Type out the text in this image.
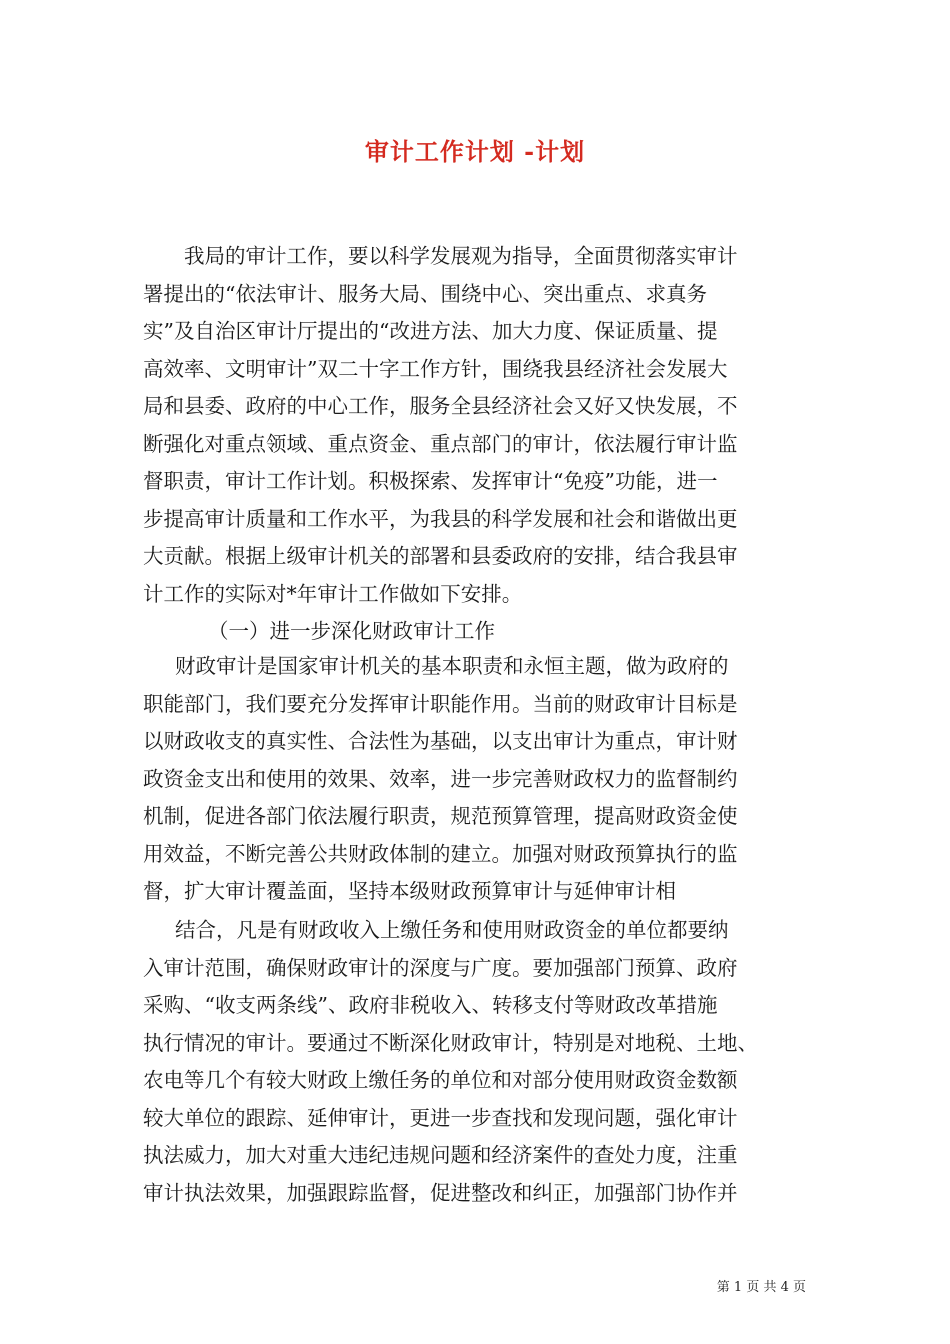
审计工作计划 -计划
我局的审计工作，要以科学发展观为指导，全面贯彻落实审计
署提出的“依法审计、服务大局、围绕中心、突出重点、求真务
实”及自治区审计厅提出的“改进方法、加大力度、保证质量、提
高效率、文明审计”双二十字工作方针，围绕我县经济社会发展大
局和县委、政府的中心工作，服务全县经济社会又好又快发展，不
断强化对重点领域、重点资金、重点部门的审计，依法履行审计监
督职责，审计工作计划。积极探索、发挥审计“免疫”功能，进一
步提高审计质量和工作水平，为我县的科学发展和社会和谐做出更
大贡献。根据上级审计机关的部署和县委政府的安排，结合我县审
计工作的实际对*年审计工作做如下安排。

（一）进一步深化财政审计工作

财政审计是国家审计机关的基本职责和永恒主题，做为政府的
职能部门，我们要充分发挥审计职能作用。当前的财政审计目标是
以财政收支的真实性、合法性为基础，以支出审计为重点，审计财
政资金支出和使用的效果、效率，进一步完善财政权力的监督制约
机制，促进各部门依法履行职责，规范预算管理，提高财政资金使
用效益，不断完善公共财政体制的建立。加强对财政预算执行的监
督，扩大审计覆盖面，坚持本级财政预算审计与延伸审计相
结合，凡是有财政收入上缴任务和使用财政资金的单位都要纳
入审计范围，确保财政审计的深度与广度。要加强部门预算、政府
采购、“收支两条线”、政府非税收入、转移支付等财政改革措施
执行情况的审计。要通过不断深化财政审计，特别是对地税、土地、
农电等几个有较大财政上缴任务的单位和对部分使用财政资金数额
较大单位的跟踪、延伸审计，更进一步查找和发现问题，强化审计
执法威力，加大对重大违纪违规问题和经济案件的查处力度，注重
审计执法效果，加强跟踪监督，促进整改和纠正，加强部门协作并

第 1 页 共 4 页
